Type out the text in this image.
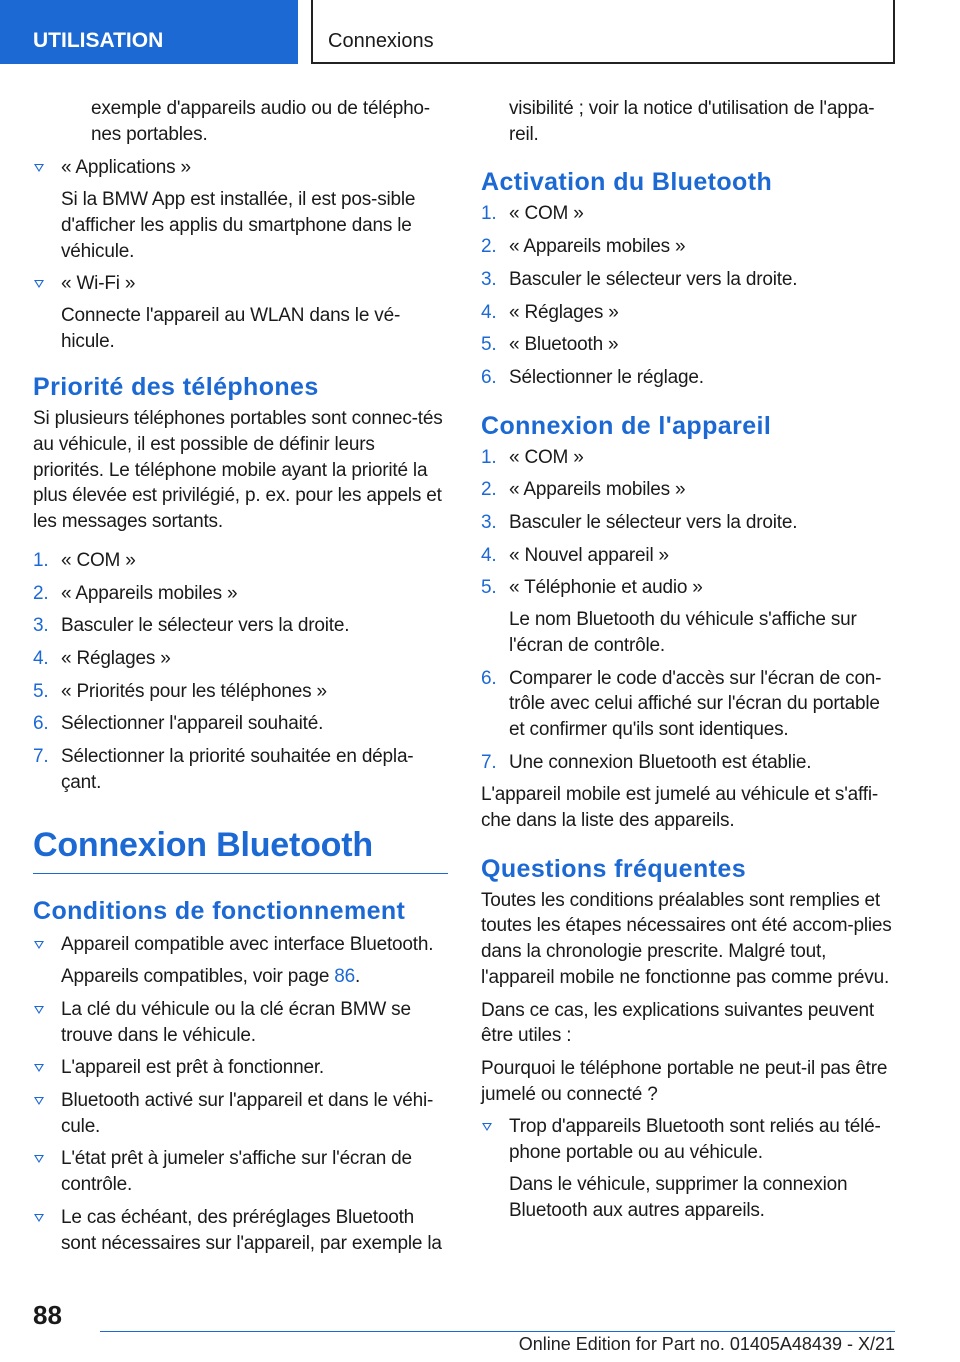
UTILISATION	Connexions

exemple d'appareils audio ou de télépho-nes portables.

« Applications »
Si la BMW App est installée, il est pos-sible d'afficher les applis du smartphone dans le véhicule.
« Wi-Fi »
Connecte l'appareil au WLAN dans le vé-hicule.
Priorité des téléphones

Si plusieurs téléphones portables sont connec-tés au véhicule, il est possible de définir leurs priorités. Le téléphone mobile ayant la priorité la plus élevée est privilégié, p. ex. pour les appels et les messages sortants.

1. « COM »
2. « Appareils mobiles »
3. Basculer le sélecteur vers la droite.
4. « Réglages »
5. « Priorités pour les téléphones »
6. Sélectionner l'appareil souhaité.
7. Sélectionner la priorité souhaitée en dépla-çant.
Connexion Bluetooth
Conditions de fonctionnement
Appareil compatible avec interface Bluetooth.
Appareils compatibles, voir page 86.
La clé du véhicule ou la clé écran BMW se trouve dans le véhicule.
L'appareil est prêt à fonctionner.
Bluetooth activé sur l'appareil et dans le véhi-cule.
L'état prêt à jumeler s'affiche sur l'écran de contrôle.
Le cas échéant, des préréglages Bluetooth sont nécessaires sur l'appareil, par exemple la

visibilité ; voir la notice d'utilisation de l'appa-reil.

Activation du Bluetooth
1. « COM »
2. « Appareils mobiles »
3. Basculer le sélecteur vers la droite.
4. « Réglages »
5. « Bluetooth »
6. Sélectionner le réglage.
Connexion de l'appareil
1. « COM »
2. « Appareils mobiles »
3. Basculer le sélecteur vers la droite.
4. « Nouvel appareil »
5. « Téléphonie et audio »
Le nom Bluetooth du véhicule s'affiche sur l'écran de contrôle.
6. Comparer le code d'accès sur l'écran de con-trôle avec celui affiché sur l'écran du portable et confirmer qu'ils sont identiques.
7. Une connexion Bluetooth est établie.

L'appareil mobile est jumelé au véhicule et s'affi-che dans la liste des appareils.

Questions fréquentes

Toutes les conditions préalables sont remplies et toutes les étapes nécessaires ont été accom-plies dans la chronologie prescrite. Malgré tout, l'appareil mobile ne fonctionne pas comme prévu.

Dans ce cas, les explications suivantes peuvent être utiles :

Pourquoi le téléphone portable ne peut-il pas être jumelé ou connecté ?

Trop d'appareils Bluetooth sont reliés au télé-phone portable ou au véhicule.
Dans le véhicule, supprimer la connexion Bluetooth aux autres appareils.
88
Online Edition for Part no. 01405A48439 - X/21
